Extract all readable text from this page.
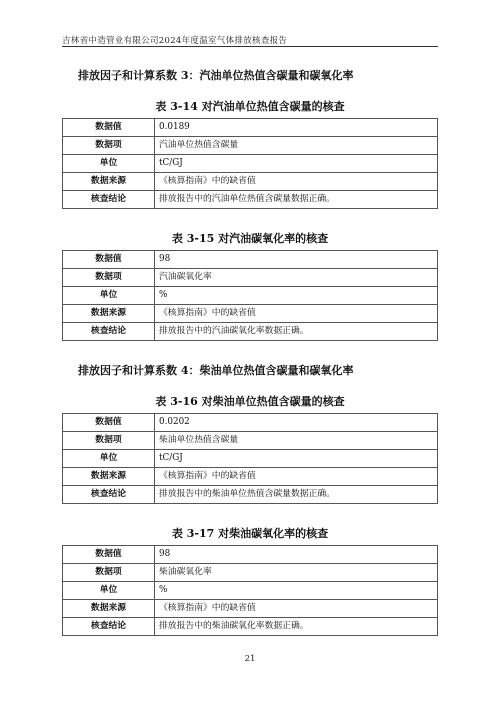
吉林省中造管业有限公司2024年度温室气体排放核查报告
排放因子和计算系数 3：汽油单位热值含碳量和碳氧化率
表 3-14 对汽油单位热值含碳量的核查
数据值	0.0189
数据项	汽油单位热值含碳量
单位	tC/GJ
数据来源	《核算指南》中的缺省值
核查结论	排放报告中的汽油单位热值含碳量数据正确。
表 3-15 对汽油碳氧化率的核查
数据值	98
数据项	汽油碳氧化率
单位	%
数据来源	《核算指南》中的缺省值
核查结论	排放报告中的汽油碳氧化率数据正确。
排放因子和计算系数 4：柴油单位热值含碳量和碳氧化率
表 3-16 对柴油单位热值含碳量的核查
数据值	0.0202
数据项	柴油单位热值含碳量
单位	tC/GJ
数据来源	《核算指南》中的缺省值
核查结论	排放报告中的柴油单位热值含碳量数据正确。
表 3-17 对柴油碳氧化率的核查
数据值	98
数据项	柴油碳氧化率
单位	%
数据来源	《核算指南》中的缺省值
核查结论	排放报告中的柴油碳氧化率数据正确。
21
